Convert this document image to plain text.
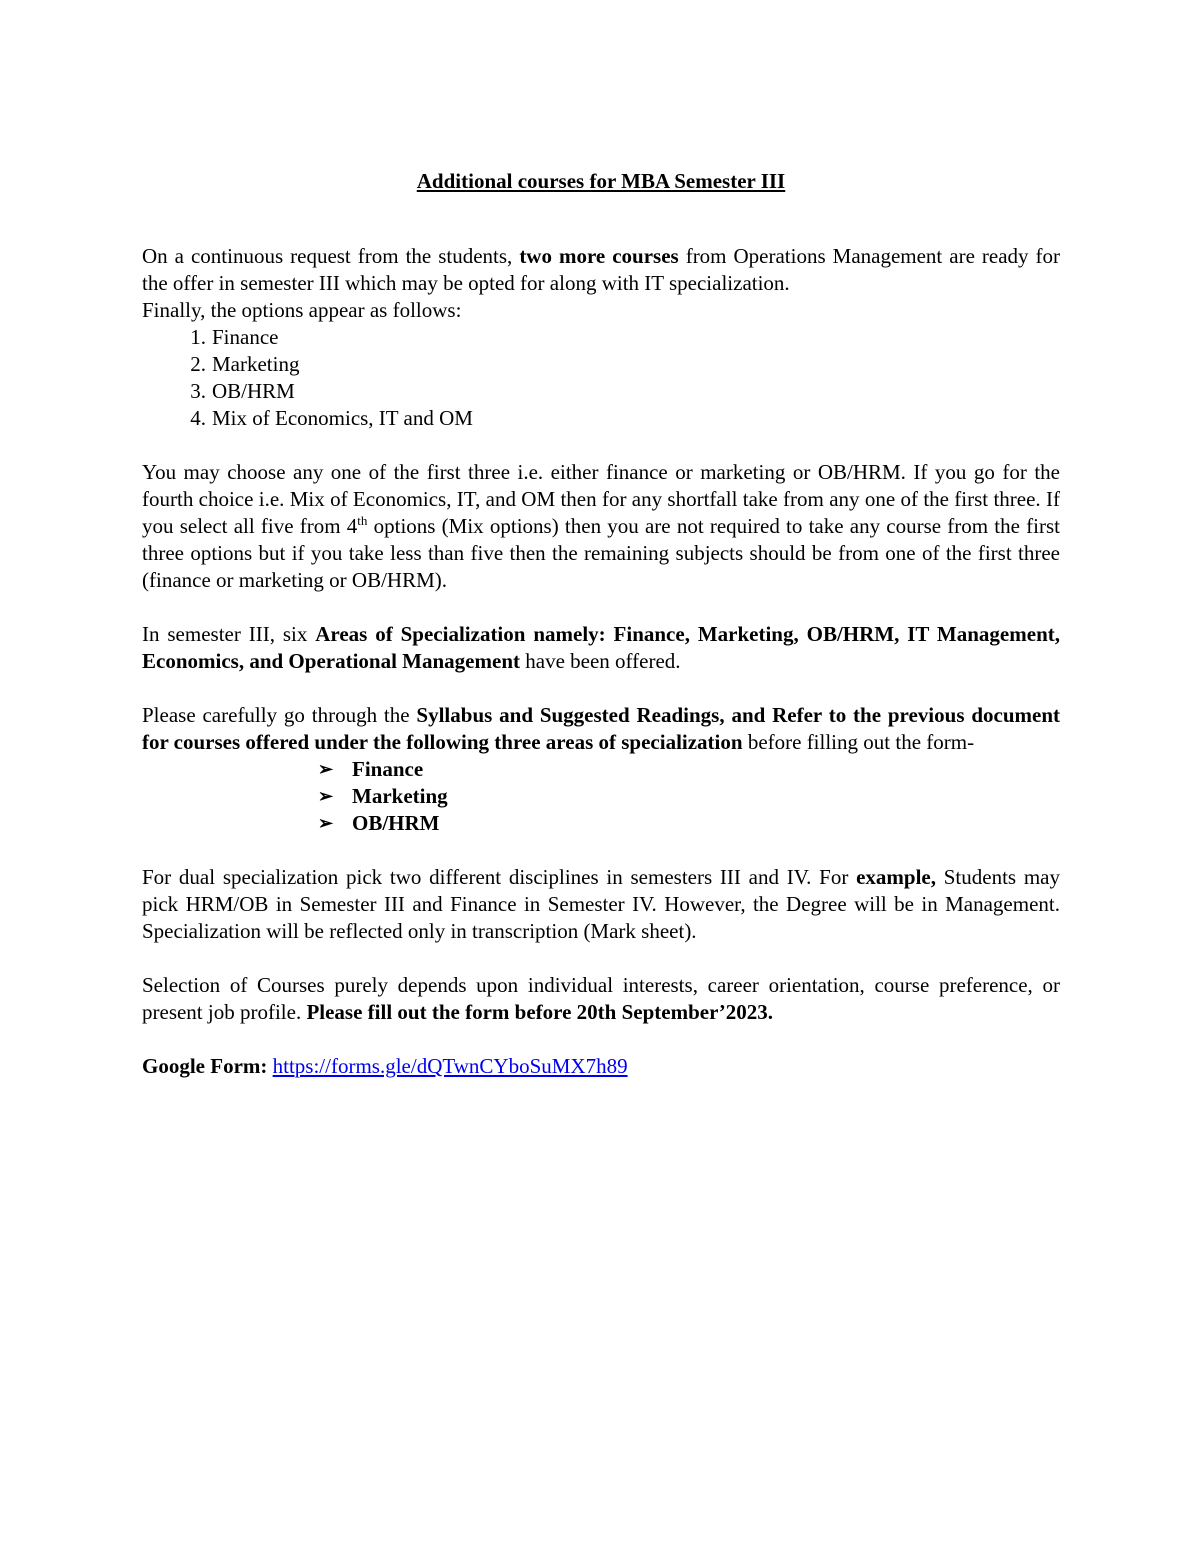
Additional courses for MBA Semester III

On a continuous request from the students, two more courses from Operations Management are ready for the offer in semester III which may be opted for along with IT specialization.

Finally, the options appear as follows:

1. Finance
2. Marketing
3. OB/HRM
4. Mix of Economics, IT and OM

You may choose any one of the first three i.e. either finance or marketing or OB/HRM. If you go for the fourth choice i.e. Mix of Economics, IT, and OM then for any shortfall take from any one of the first three. If you select all five from 4th options (Mix options) then you are not required to take any course from the first three options but if you take less than five then the remaining subjects should be from one of the first three (finance or marketing or OB/HRM).

In semester III, six Areas of Specialization namely: Finance, Marketing, OB/HRM, IT Management, Economics, and Operational Management have been offered.

Please carefully go through the Syllabus and Suggested Readings, and Refer to the previous document for courses offered under the following three areas of specialization before filling out the form-

➢ Finance
➢ Marketing
➢ OB/HRM

For dual specialization pick two different disciplines in semesters III and IV. For example, Students may pick HRM/OB in Semester III and Finance in Semester IV. However, the Degree will be in Management. Specialization will be reflected only in transcription (Mark sheet).

Selection of Courses purely depends upon individual interests, career orientation, course preference, or present job profile. Please fill out the form before 20th September’2023.

Google Form: https://forms.gle/dQTwnCYboSuMX7h89
